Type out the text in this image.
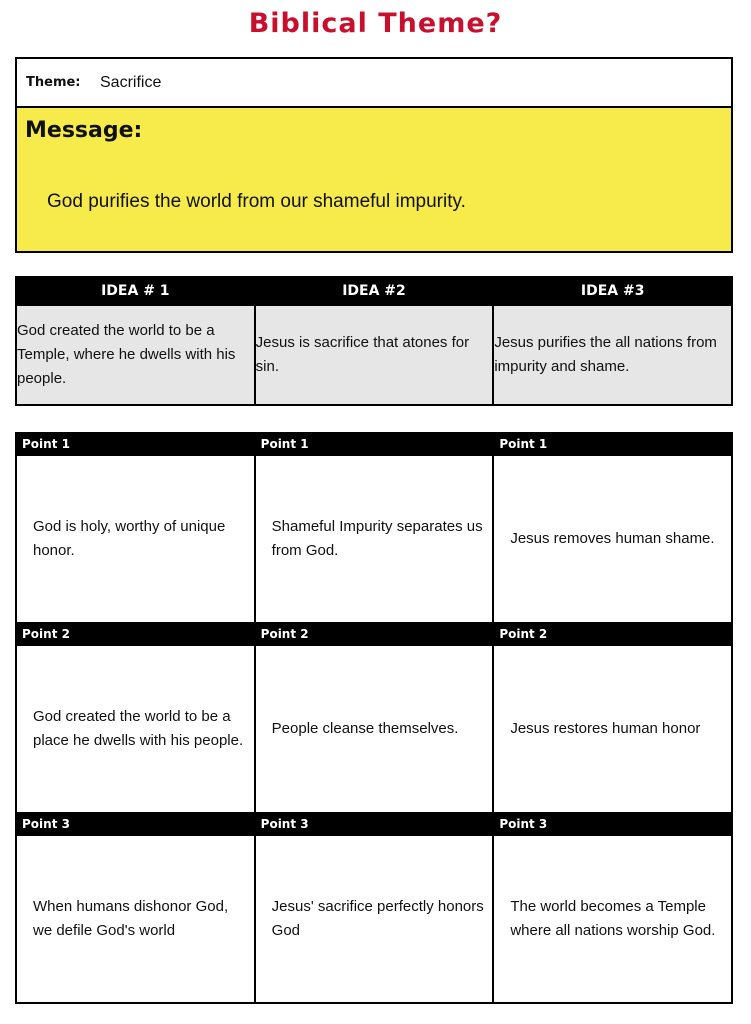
Biblical Theme?
Theme: Sacrifice
Message:
God purifies the world from our shameful impurity.
IDEA # 1	IDEA #2	IDEA #3
God created the world to be a Temple, where he dwells with his people.	Jesus is sacrifice that atones for sin.	Jesus purifies the all nations from impurity and shame.
Point 1	Point 1	Point 1
God is holy, worthy of unique honor.	Shameful Impurity separates us from God.	Jesus removes human shame.
Point 2	Point 2	Point 2
God created the world to be a place he dwells with his people.	People cleanse themselves.	Jesus restores human honor
Point 3	Point 3	Point 3
When humans dishonor God, we defile God's world	Jesus' sacrifice perfectly honors God	The world becomes a Temple where all nations worship God.
